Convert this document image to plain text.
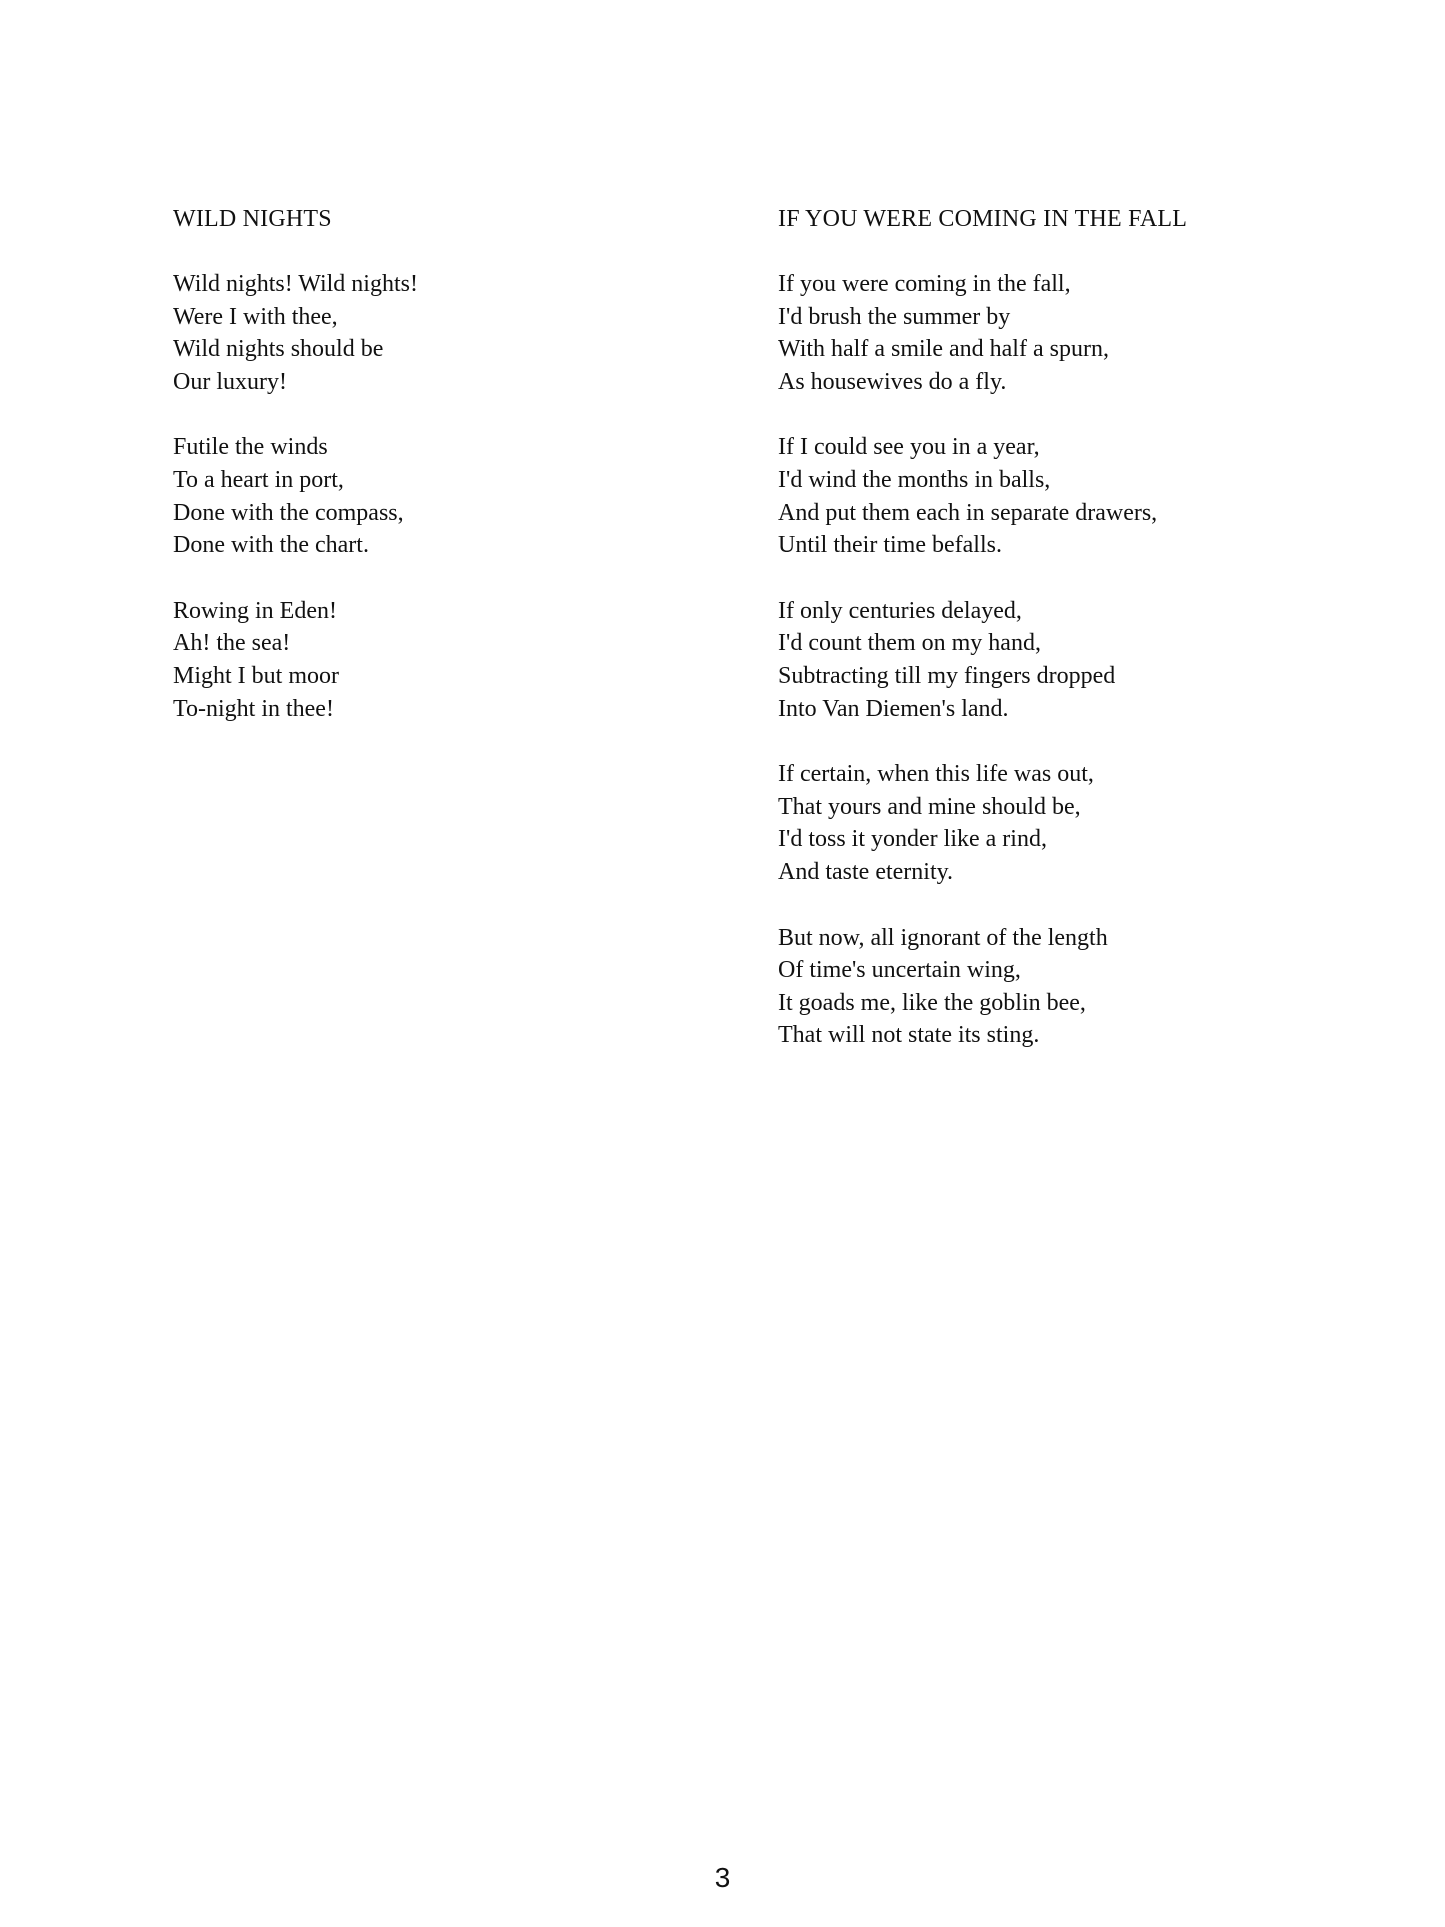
WILD NIGHTS
Wild nights! Wild nights!
Were I with thee,
Wild nights should be
Our luxury!
Futile the winds
To a heart in port,
Done with the compass,
Done with the chart.
Rowing in Eden!
Ah! the sea!
Might I but moor
To-night in thee!
IF YOU WERE COMING IN THE FALL
If you were coming in the fall,
I'd brush the summer by
With half a smile and half a spurn,
As housewives do a fly.
If I could see you in a year,
I'd wind the months in balls,
And put them each in separate drawers,
Until their time befalls.
If only centuries delayed,
I'd count them on my hand,
Subtracting till my fingers dropped
Into Van Diemen's land.
If certain, when this life was out,
That yours and mine should be,
I'd toss it yonder like a rind,
And taste eternity.
But now, all ignorant of the length
Of time's uncertain wing,
It goads me, like the goblin bee,
That will not state its sting.
3
